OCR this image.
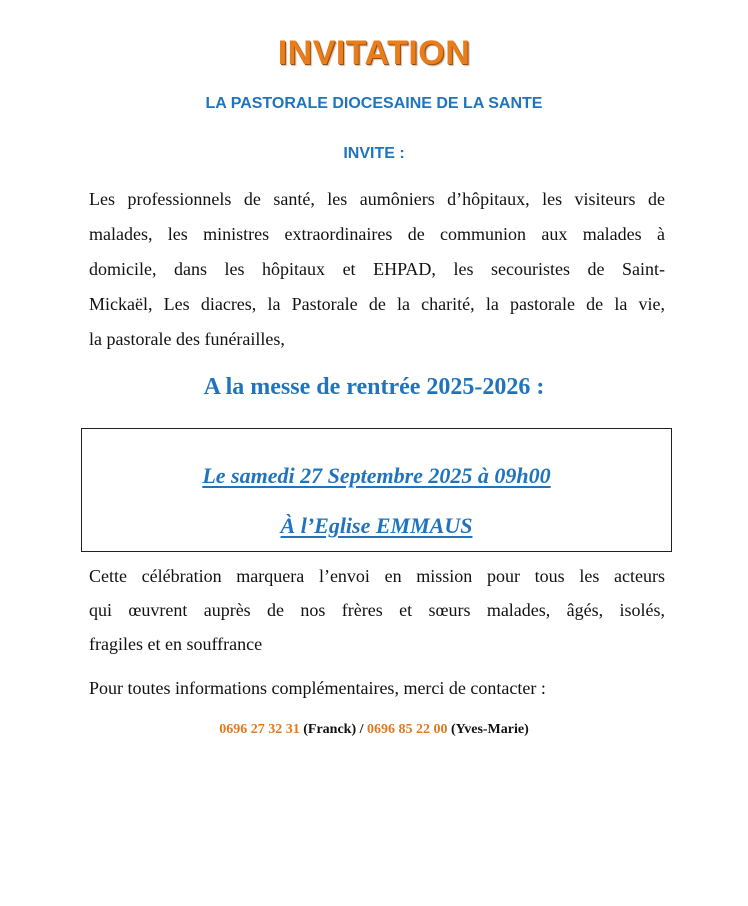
INVITATION
LA PASTORALE DIOCESAINE DE LA SANTE
INVITE :
Les professionnels de santé, les aumôniers d’hôpitaux, les visiteurs de
malades, les ministres extraordinaires de communion aux malades à
domicile, dans les hôpitaux et EHPAD, les secouristes de Saint-
Mickaël, Les diacres, la Pastorale de la charité, la pastorale de la vie,
la pastorale des funérailles,
A la messe de rentrée 2025-2026 :
Le samedi 27 Septembre 2025 à 09h00
À l’Eglise EMMAUS
Cette célébration marquera l’envoi en mission pour tous les acteurs
qui œuvrent auprès de nos frères et sœurs malades, âgés, isolés,
fragiles et en souffrance
Pour toutes informations complémentaires, merci de contacter :
0696 27 32 31 (Franck) / 0696 85 22 00 (Yves-Marie)
